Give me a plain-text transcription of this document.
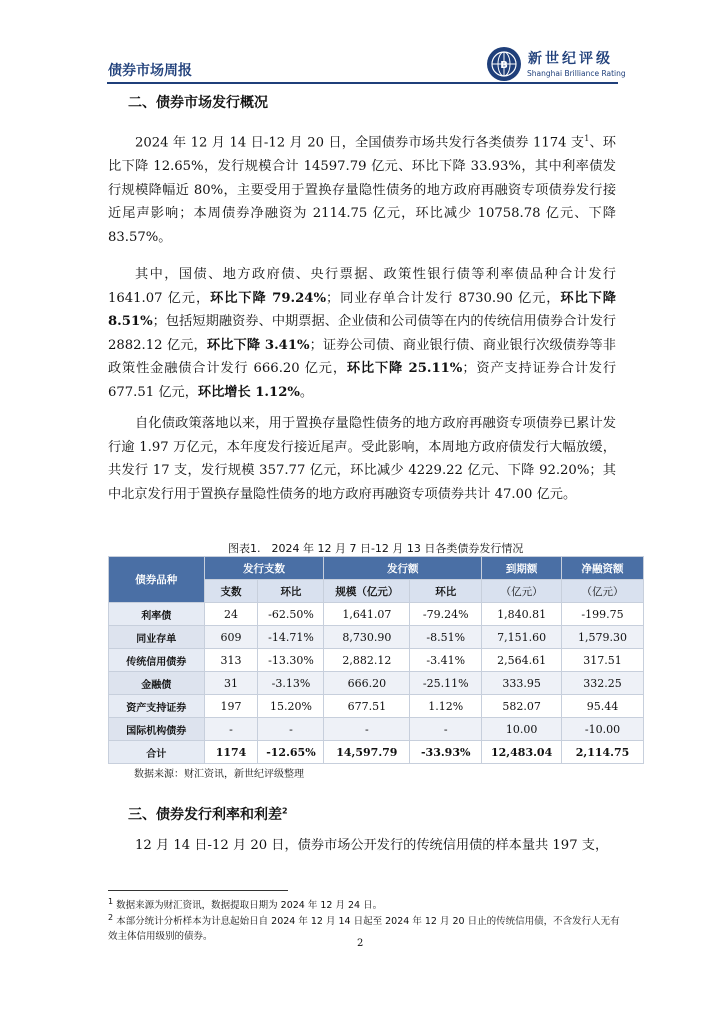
债券市场周报	B 新世纪评级
Shanghai Brilliance Rating
二、债券市场发行概况

2024 年 12 月 14 日-12 月 20 日，全国债券市场共发行各类债券 1174 支$^1$、环比下降 12.65%，发行规模合计 14597.79 亿元、环比下降 33.93%，其中利率债发行规模降幅近 80%，主要受用于置换存量隐性债务的地方政府再融资专项债券发行接近尾声影响；本周债券净融资为 2114.75 亿元，环比减少 10758.78 亿元、下降 83.57%。

其中，国债、地方政府债、央行票据、政策性银行债等利率债品种合计发行 1641.07 亿元，环比下降 79.24%；同业存单合计发行 8730.90 亿元，环比下降 8.51%；包括短期融资券、中期票据、企业债和公司债等在内的传统信用债券合计发行 2882.12 亿元，环比下降 3.41%；证券公司债、商业银行债、商业银行次级债券等非政策性金融债合计发行 666.20 亿元，环比下降 25.11%；资产支持证券合计发行 677.51 亿元，环比增长 1.12%。

自化债政策落地以来，用于置换存量隐性债务的地方政府再融资专项债券已累计发行逾 1.97 万亿元，本年度发行接近尾声。受此影响，本周地方政府债发行大幅放缓，共发行 17 支，发行规模 357.77 亿元，环比减少 4229.22 亿元、下降 92.20%；其中北京发行用于置换存量隐性债务的地方政府再融资专项债券共计 47.00 亿元。

图表1.　2024 年 12 月 7 日-12 月 13 日各类债券发行情况
债券品种	发行支数		发行额		到期额	净融资额
	支数	环比	规模（亿元）	环比	（亿元）	（亿元）
利率债	24	-62.50%	1,641.07	-79.24%	1,840.81	-199.75
同业存单	609	-14.71%	8,730.90	-8.51%	7,151.60	1,579.30
传统信用债券	313	-13.30%	2,882.12	-3.41%	2,564.61	317.51
金融债	31	-3.13%	666.20	-25.11%	333.95	332.25
资产支持证券	197	15.20%	677.51	1.12%	582.07	95.44
国际机构债券	-	-	-	-	10.00	-10.00
合计	1174	-12.65%	14,597.79	-33.93%	12,483.04	2,114.75
数据来源：财汇资讯，新世纪评级整理
三、债券发行利率和利差$^2$

12 月 14 日-12 月 20 日，债券市场公开发行的传统信用债的样本量共 197 支，

$^1$ 数据来源为财汇资讯，数据提取日期为 2024 年 12 月 24 日。
$^2$ 本部分统计分析样本为计息起始日自 2024 年 12 月 14 日起至 2024 年 12 月 20 日止的传统信用债，不含发行人无有效主体信用级别的债券。
2
